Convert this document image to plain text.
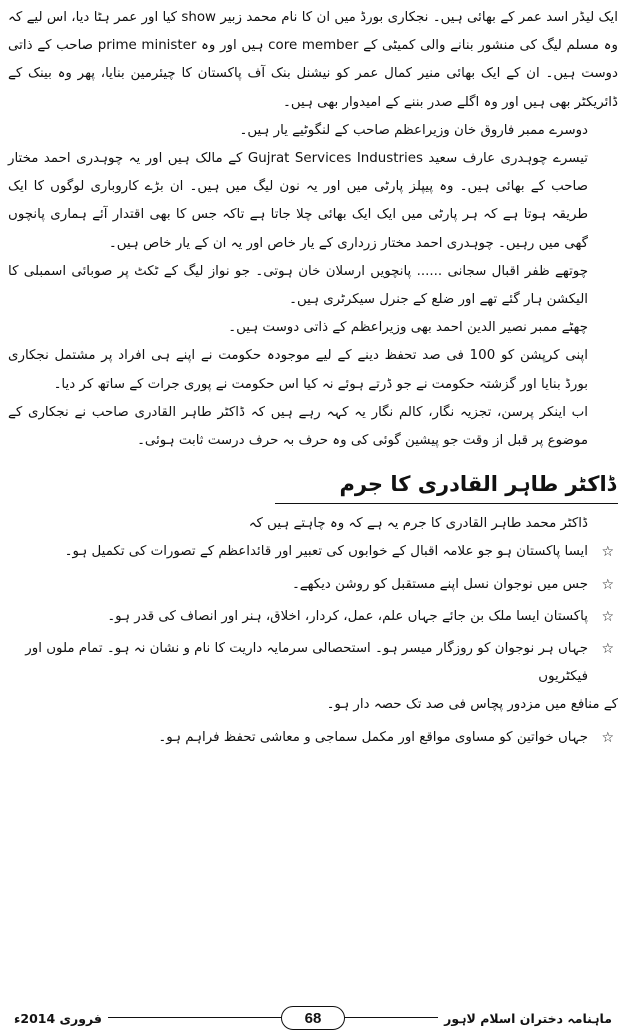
ایک لیڈر اسد عمر کے بھائی ہیں۔ نجکاری بورڈ میں ان کا نام محمد زبیر show کیا اور عمر ہٹا دیا، اس لیے کہ وہ مسلم لیگ کی منشور بنانے والی کمیٹی کے core member ہیں اور وہ prime minister صاحب کے ذاتی دوست ہیں۔ ان کے ایک بھائی منیر کمال عمر کو نیشنل بنک آف پاکستان کا چیئرمین بنایا، پھر وہ بینک کے ڈائریکٹر بھی ہیں اور وہ اگلے صدر بننے کے امیدوار بھی ہیں۔

دوسرے ممبر فاروق خان وزیراعظم صاحب کے لنگوٹیے یار ہیں۔

تیسرے چوہدری عارف سعید Gujrat Services Industries کے مالک ہیں اور یہ چوہدری احمد مختار صاحب کے بھائی ہیں۔ وہ پیپلز پارٹی میں اور یہ نون لیگ میں ہیں۔ ان بڑے کاروباری لوگوں کا ایک طریقہ ہوتا ہے کہ ہر پارٹی میں ایک ایک بھائی چلا جاتا ہے تاکہ جس کا بھی اقتدار آئے ہماری پانچوں گھی میں رہیں۔ چوہدری احمد مختار زرداری کے یار خاص اور یہ ان کے یار خاص ہیں۔

چوتھے ظفر اقبال سجانی ...... پانچویں ارسلان خان ہوتی۔ جو نواز لیگ کے ٹکٹ پر صوبائی اسمبلی کا الیکشن ہار گئے تھے اور ضلع کے جنرل سیکرٹری ہیں۔

چھٹے ممبر نصیر الدین احمد بھی وزیراعظم کے ذاتی دوست ہیں۔

اپنی کرپشن کو 100 فی صد تحفظ دینے کے لیے موجودہ حکومت نے اپنے ہی افراد پر مشتمل نجکاری بورڈ بنایا اور گزشتہ حکومت نے جو ڈرتے ہوئے نہ کیا اس حکومت نے پوری جرات کے ساتھ کر دیا۔

اب اینکر پرسن، تجزیہ نگار، کالم نگار یہ کہہ رہے ہیں کہ ڈاکٹر طاہر القادری صاحب نے نجکاری کے موضوع پر قبل از وقت جو پیشین گوئی کی وہ حرف بہ حرف درست ثابت ہوئی۔

ڈاکٹر طاہر القادری کا جرم

ڈاکٹر محمد طاہر القادری کا جرم یہ ہے کہ وہ چاہتے ہیں کہ

☆
ایسا پاکستان ہو جو علامہ اقبال کے خوابوں کی تعبیر اور قائداعظم کے تصورات کی تکمیل ہو۔
☆
جس میں نوجوان نسل اپنے مستقبل کو روشن دیکھے۔
☆
پاکستان ایسا ملک بن جائے جہاں علم، عمل، کردار، اخلاق، ہنر اور انصاف کی قدر ہو۔
☆
جہاں ہر نوجوان کو روزگار میسر ہو۔ استحصالی سرمایہ داریت کا نام و نشان نہ ہو۔ تمام ملوں اور فیکٹریوں
کے منافع میں مزدور پچاس فی صد تک حصہ دار ہو۔
☆
جہاں خواتین کو مساوی مواقع اور مکمل سماجی و معاشی تحفظ فراہم ہو۔
ماہنامہ دختران اسلام لاہور
68
فروری 2014ء
